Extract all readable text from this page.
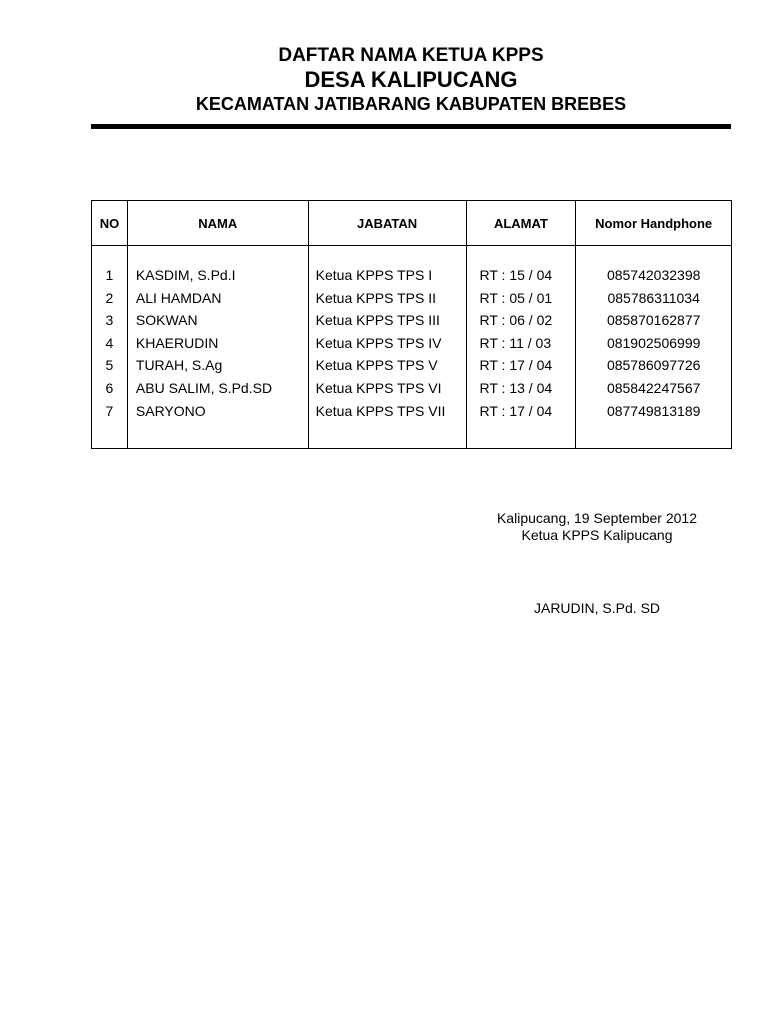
DAFTAR NAMA KETUA KPPS
DESA KALIPUCANG
KECAMATAN JATIBARANG KABUPATEN BREBES
NO	NAMA	JABATAN	ALAMAT	Nomor Handphone
1	KASDIM, S.Pd.I	Ketua KPPS TPS I	RT : 15 / 04	085742032398
2	ALI HAMDAN	Ketua KPPS TPS II	RT : 05 / 01	085786311034
3	SOKWAN	Ketua KPPS TPS III	RT : 06 / 02	085870162877
4	KHAERUDIN	Ketua KPPS TPS IV	RT : 11 / 03	081902506999
5	TURAH, S.Ag	Ketua KPPS TPS V	RT : 17 / 04	085786097726
6	ABU SALIM, S.Pd.SD	Ketua KPPS TPS VI	RT : 13 / 04	085842247567
7	SARYONO	Ketua KPPS TPS VII	RT : 17 / 04	087749813189

Kalipucang, 19 September 2012
Ketua KPPS Kalipucang
JARUDIN, S.Pd. SD
